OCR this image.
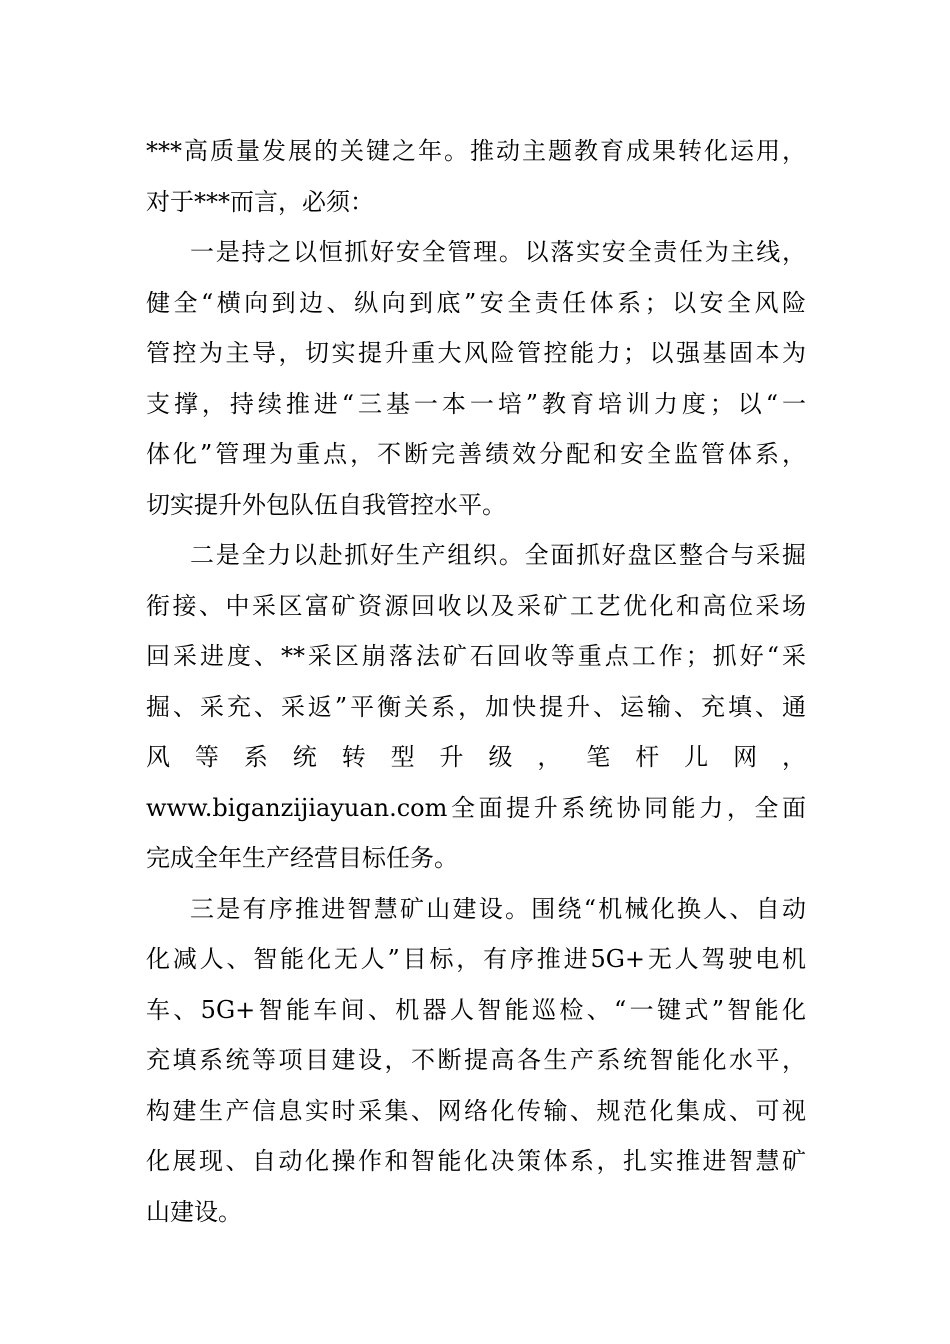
***高质量发展的关键之年。推动主题教育成果转化运用，
对于***而言，必须：
一是持之以恒抓好安全管理。以落实安全责任为主线，
健全“横向到边、纵向到底”安全责任体系；以安全风险
管控为主导，切实提升重大风险管控能力；以强基固本为
支撑，持续推进“三基一本一培”教育培训力度；以“一
体化”管理为重点，不断完善绩效分配和安全监管体系，
切实提升外包队伍自我管控水平。
二是全力以赴抓好生产组织。全面抓好盘区整合与采掘
衔接、中采区富矿资源回收以及采矿工艺优化和高位采场
回采进度、**采区崩落法矿石回收等重点工作；抓好“采
掘、采充、采返”平衡关系，加快提升、运输、充填、通
风等系统转型升级，笔杆儿网，
www.biganzijiayuan.com全面提升系统协同能力，全面
完成全年生产经营目标任务。
三是有序推进智慧矿山建设。围绕“机械化换人、自动
化减人、智能化无人”目标，有序推进5G+无人驾驶电机
车、5G+智能车间、机器人智能巡检、“一键式”智能化
充填系统等项目建设，不断提高各生产系统智能化水平，
构建生产信息实时采集、网络化传输、规范化集成、可视
化展现、自动化操作和智能化决策体系，扎实推进智慧矿
山建设。
